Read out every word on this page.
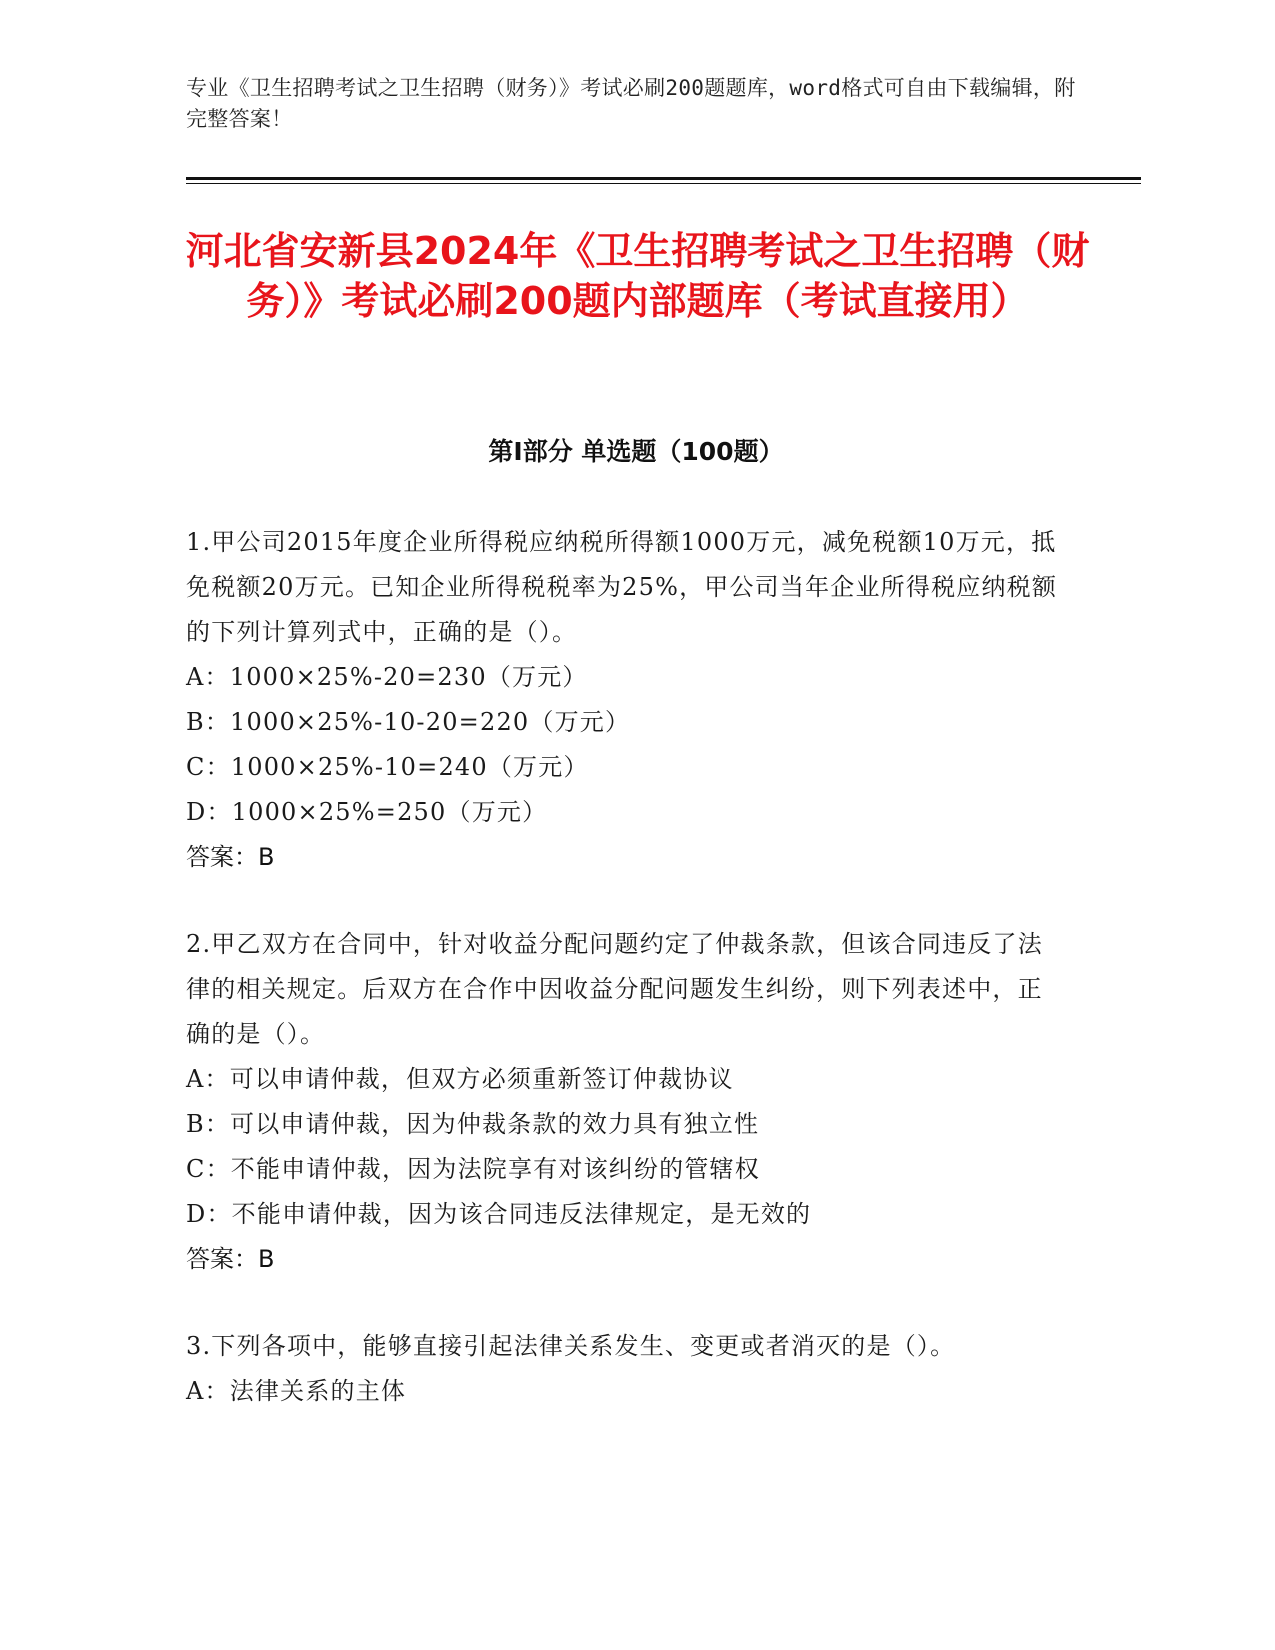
专业《卫生招聘考试之卫生招聘（财务）》考试必刷200题题库，word格式可自由下载编辑，附完整答案！
河北省安新县2024年《卫生招聘考试之卫生招聘（财务）》考试必刷200题内部题库（考试直接用）
第I部分 单选题（100题）
1.甲公司2015年度企业所得税应纳税所得额1000万元，减免税额10万元，抵免税额20万元。已知企业所得税税率为25%，甲公司当年企业所得税应纳税额的下列计算列式中，正确的是（）。
A：1000×25%-20=230（万元）
B：1000×25%-10-20=220（万元）
C：1000×25%-10=240（万元）
D：1000×25%=250（万元）
答案：B
2.甲乙双方在合同中，针对收益分配问题约定了仲裁条款，但该合同违反了法律的相关规定。后双方在合作中因收益分配问题发生纠纷，则下列表述中，正确的是（）。
A：可以申请仲裁，但双方必须重新签订仲裁协议
B：可以申请仲裁，因为仲裁条款的效力具有独立性
C：不能申请仲裁，因为法院享有对该纠纷的管辖权
D：不能申请仲裁，因为该合同违反法律规定，是无效的
答案：B
3.下列各项中，能够直接引起法律关系发生、变更或者消灭的是（）。
A：法律关系的主体
